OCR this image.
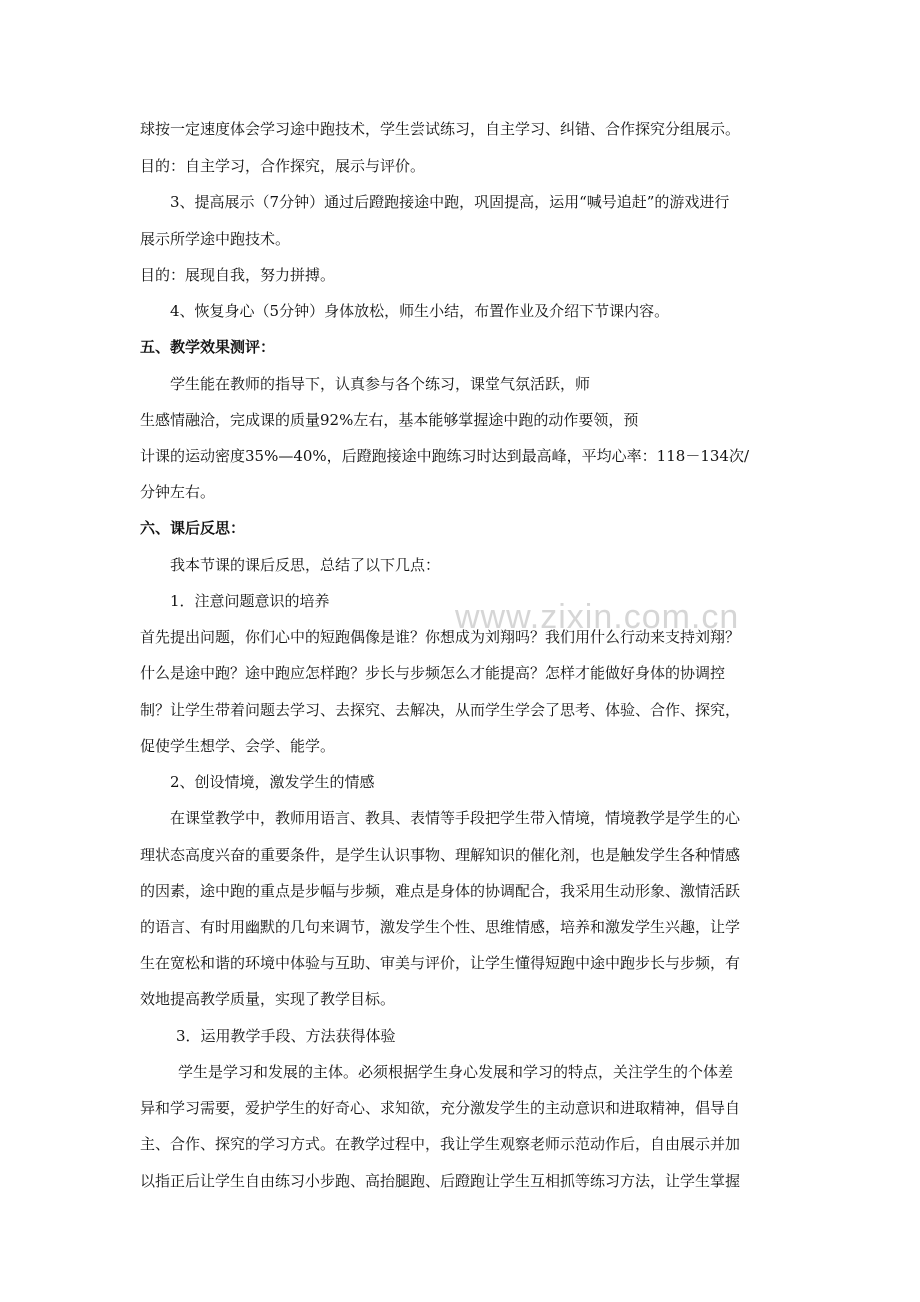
www.zixin.com.cn
球按一定速度体会学习途中跑技术，学生尝试练习，自主学习、纠错、合作探究分组展示。
目的：自主学习，合作探究，展示与评价。
3、提高展示（7分钟）通过后蹬跑接途中跑，巩固提高，运用“喊号追赶”的游戏进行
展示所学途中跑技术。
目的：展现自我，努力拼搏。
4、恢复身心（5分钟）身体放松，师生小结，布置作业及介绍下节课内容。
五、教学效果测评：
学生能在教师的指导下，认真参与各个练习，课堂气氛活跃，师
生感情融洽，完成课的质量92%左右，基本能够掌握途中跑的动作要领，预
计课的运动密度35%—40%，后蹬跑接途中跑练习时达到最高峰，平均心率：118－134次/
分钟左右。
六、课后反思：
我本节课的课后反思，总结了以下几点：
1．注意问题意识的培养
首先提出问题，你们心中的短跑偶像是谁？你想成为刘翔吗？我们用什么行动来支持刘翔？
什么是途中跑？途中跑应怎样跑？步长与步频怎么才能提高？怎样才能做好身体的协调控
制？让学生带着问题去学习、去探究、去解决，从而学生学会了思考、体验、合作、探究，
促使学生想学、会学、能学。
2、创设情境，激发学生的情感
在课堂教学中，教师用语言、教具、表情等手段把学生带入情境，情境教学是学生的心
理状态高度兴奋的重要条件，是学生认识事物、理解知识的催化剂，也是触发学生各种情感
的因素，途中跑的重点是步幅与步频，难点是身体的协调配合，我采用生动形象、激情活跃
的语言、有时用幽默的几句来调节，激发学生个性、思维情感，培养和激发学生兴趣，让学
生在宽松和谐的环境中体验与互助、审美与评价，让学生懂得短跑中途中跑步长与步频，有
效地提高教学质量，实现了教学目标。
3．运用教学手段、方法获得体验
学生是学习和发展的主体。必须根据学生身心发展和学习的特点，关注学生的个体差
异和学习需要，爱护学生的好奇心、求知欲，充分激发学生的主动意识和进取精神，倡导自
主、合作、探究的学习方式。在教学过程中，我让学生观察老师示范动作后，自由展示并加
以指正后让学生自由练习小步跑、高抬腿跑、后蹬跑让学生互相抓等练习方法，让学生掌握
